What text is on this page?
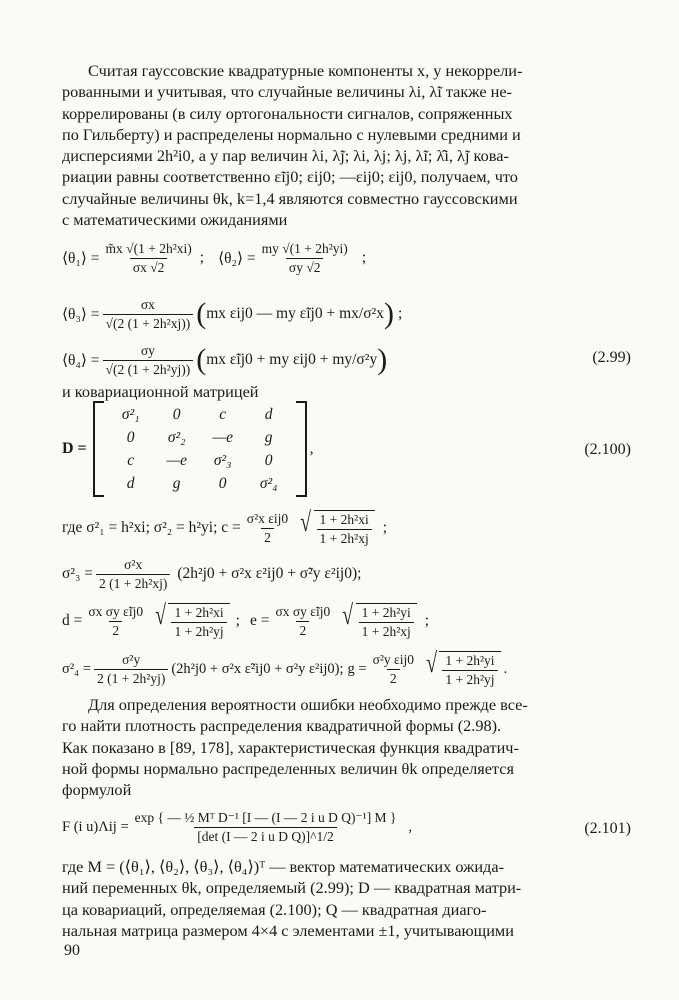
Считая гауссовские квадратурные компоненты x, y некоррели-
рованными и учитывая, что случайные величины λi, λ̃i также не-
коррелированы (в силу ортогональности сигналов, сопряженных
по Гильберту) и распределены нормально с нулевыми средними и
дисперсиями 2h²i0, а у пар величин λi, λ̃j; λi, λj; λj, λ̃i; λ̂i, λ̃j кова-
риации равны соответственно ε̃ij0; εij0; —εij0; εij0, получаем, что
случайные величины θk, k=1,4 являются совместно гауссовскими
с математическими ожиданиями
⟨θ₁⟩ = $\frac{\text{m̃x √(1 + 2h²xi)}}{\sigma x √2}$ ; ⟨θ₂⟩ = $\frac{\text{my √(1 + 2h²yi)}}{\sigma y √2}$ ;
⟨θ₃⟩ = $\frac{\sigma x}{\text{√(2 (1 + 2h²xj))}}$ ( mx εij0 — my ε̃ij0 + mx/σ²x ) ;
⟨θ₄⟩ = $\frac{\sigma y}{\text{√(2 (1 + 2h²yj))}}$ ( mx ε̃ij0 + my εij0 + my/σ²y )	(2.99)
и ковариационной матрицей
D =
σ²₁	0	c	d
0	σ²₂	—e	g
c	—e	σ²₃	0
d	g	0	σ²₄
,	(2.100)
где σ²₁ = h²xi; σ²₂ = h²yi; $c = \frac{\text{σ²x εij0}}{2}$ √ $\frac{\text{1 + 2h²xi}}{\text{1 + 2h²xj}}$ ;
$\sigma^2_3 = \frac{\text{σ²x}}{\text{2 (1 + 2h²xj)}} (2h^2j0 + \sigma^2x$ ε²ij0 + σ̃²y ε²ij0);
$d = \frac{\text{σx σy ε̃ij0}}{2}$ √ $\frac{\text{1 + 2h²xi}}{\text{1 + 2h²yj}}$ ; $e = \frac{\text{σx σy ε̃ij0}}{2}$ √ $\frac{\text{1 + 2h²yi}}{\text{1 + 2h²xj}}$ ;
$\sigma^2_4 = \frac{\text{σ²y}}{\text{2 (1 + 2h²yj)}} (2h^2j0 + \sigma^2x$ ε̃²ij0 + σ²y ε²ij0); $g = \frac{\text{σ²y εij0}}{2}$ √ $\frac{\text{1 + 2h²yi}}{\text{1 + 2h²yj}}$ .
Для определения вероятности ошибки необходимо прежде все-
го найти плотность распределения квадратичной формы (2.98).
Как показано в [89, 178], характеристическая функция квадратич-
ной формы нормально распределенных величин θk определяется
формулой
F (i $u)\Lambda ij = \frac{\text{exp \{ — ½ Mᵀ D⁻¹ [I — (I — 2 i u D Q)⁻¹] M \}}}{\text{[det (I — 2 i u D Q)]\textasciicircum{}1/2}}$ ,	(2.101)
где M = (⟨θ₁⟩, ⟨θ₂⟩, ⟨θ₃⟩, ⟨θ₄⟩)ᵀ — вектор математических ожида-
ний переменных θk, определяемый (2.99); D — квадратная матри-
ца ковариаций, определяемая (2.100); Q — квадратная диаго-
нальная матрица размером 4×4 с элементами ±1, учитывающими
90
